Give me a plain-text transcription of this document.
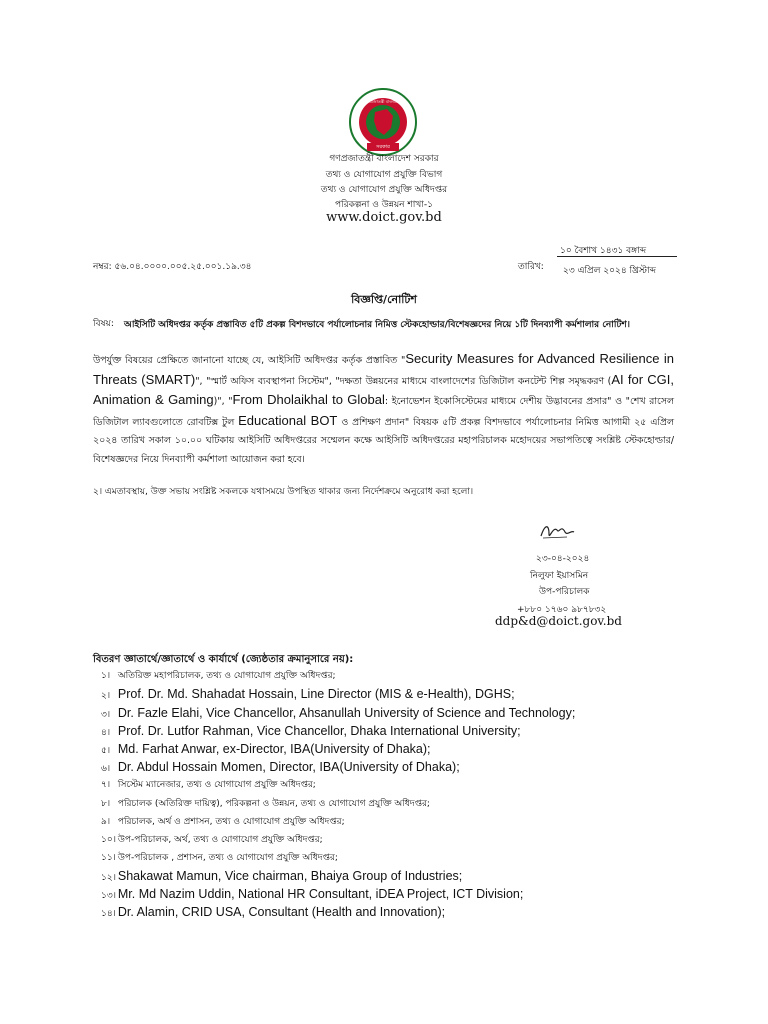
গণপ্রজাতন্ত্রী বাংলাদেশ
সরকার
গণপ্রজাতন্ত্রী বাংলাদেশ সরকার
তথ্য ও যোগাযোগ প্রযুক্তি বিভাগ
তথ্য ও যোগাযোগ প্রযুক্তি অধিদপ্তর
পরিকল্পনা ও উন্নয়ন শাখা-১
www.doict.gov.bd
১০ বৈশাখ ১৪৩১ বঙ্গাব্দ
তারিখ:
নম্বর: ৫৬.০৪.০০০০.০০৫.২৫.০০১.১৯.৩৪	২৩ এপ্রিল ২০২৪ খ্রিস্টাব্দ
বিজ্ঞপ্তি/নোটিশ
বিষয়: আইসিটি অধিদপ্তর কর্তৃক প্রস্তাবিত ৫টি প্রকল্প বিশদভাবে পর্যালোচনার নিমিত্ত স্টেকহোল্ডার/বিশেষজ্ঞদের নিয়ে ১টি দিনব্যাপী কর্মশালার নোটিশ।
উপর্যুক্ত বিষয়ের প্রেক্ষিতে জানানো যাচ্ছে যে, আইসিটি অধিদপ্তর কর্তৃক প্রস্তাবিত "Security Measures for Advanced Resilience in Threats (SMART)", "স্মার্ট অফিস ব্যবস্থাপনা সিস্টেম", "দক্ষতা উন্নয়নের মাধ্যমে বাংলাদেশের ডিজিটাল কনটেন্ট শিল্প সমৃদ্ধকরণ (AI for CGI, Animation & Gaming)", "From Dholaikhal to Global: ইনোভেশন ইকোসিস্টেমের মাধ্যমে দেশীয় উদ্ভাবনের প্রসার" ও "শেখ রাসেল ডিজিটাল ল্যাবগুলোতে রোবটিক্স টুল Educational BOT ও প্রশিক্ষণ প্রদান" বিষয়ক ৫টি প্রকল্প বিশদভাবে পর্যালোচনার নিমিত্ত আগামী ২৫ এপ্রিল ২০২৪ তারিখ সকাল ১০.০০ ঘটিকায় আইসিটি অধিদপ্তরের সম্মেলন কক্ষে আইসিটি অধিদপ্তরের মহাপরিচালক মহোদয়ের সভাপতিত্বে সংশ্লিষ্ট স্টেকহোল্ডার/বিশেষজ্ঞদের নিয়ে দিনব্যাপী কর্মশালা আয়োজন করা হবে।
২। এমতাবস্থায়, উক্ত সভায় সংশ্লিষ্ট সকলকে যথাসময়ে উপস্থিত থাকার জন্য নির্দেশক্রমে অনুরোধ করা হলো।
২৩-০৪-২০২৪
নিলুফা ইয়াসমিন
উপ-পরিচালক
+৮৮০ ১৭৬০ ৯৮৭৮৩২
ddp&d@doict.gov.bd
বিতরণ জ্ঞাতার্থে/জ্ঞাতার্থে ও কার্যার্থে (জ্যেষ্ঠতার ক্রমানুসারে নয়):
১। অতিরিক্ত মহাপরিচালক, তথ্য ও যোগাযোগ প্রযুক্তি অধিদপ্তর;
২। Prof. Dr. Md. Shahadat Hossain, Line Director (MIS & e-Health), DGHS;
৩। Dr. Fazle Elahi, Vice Chancellor, Ahsanullah University of Science and Technology;
৪। Prof. Dr. Lutfor Rahman, Vice Chancellor, Dhaka International University;
৫। Md. Farhat Anwar, ex-Director, IBA(University of Dhaka);
৬। Dr. Abdul Hossain Momen, Director, IBA(University of Dhaka);
৭। সিস্টেম ম্যানেজার, তথ্য ও যোগাযোগ প্রযুক্তি অধিদপ্তর;
৮। পরিচালক (অতিরিক্ত দায়িত্ব), পরিকল্পনা ও উন্নয়ন, তথ্য ও যোগাযোগ প্রযুক্তি অধিদপ্তর;
৯। পরিচালক, অর্থ ও প্রশাসন, তথ্য ও যোগাযোগ প্রযুক্তি অধিদপ্তর;
১০। উপ-পরিচালক, অর্থ, তথ্য ও যোগাযোগ প্রযুক্তি অধিদপ্তর;
১১। উপ-পরিচালক , প্রশাসন, তথ্য ও যোগাযোগ প্রযুক্তি অধিদপ্তর;
১২। Shakawat Mamun, Vice chairman, Bhaiya Group of Industries;
১৩। Mr. Md Nazim Uddin, National HR Consultant, iDEA Project, ICT Division;
১৪। Dr. Alamin, CRID USA, Consultant (Health and Innovation);
